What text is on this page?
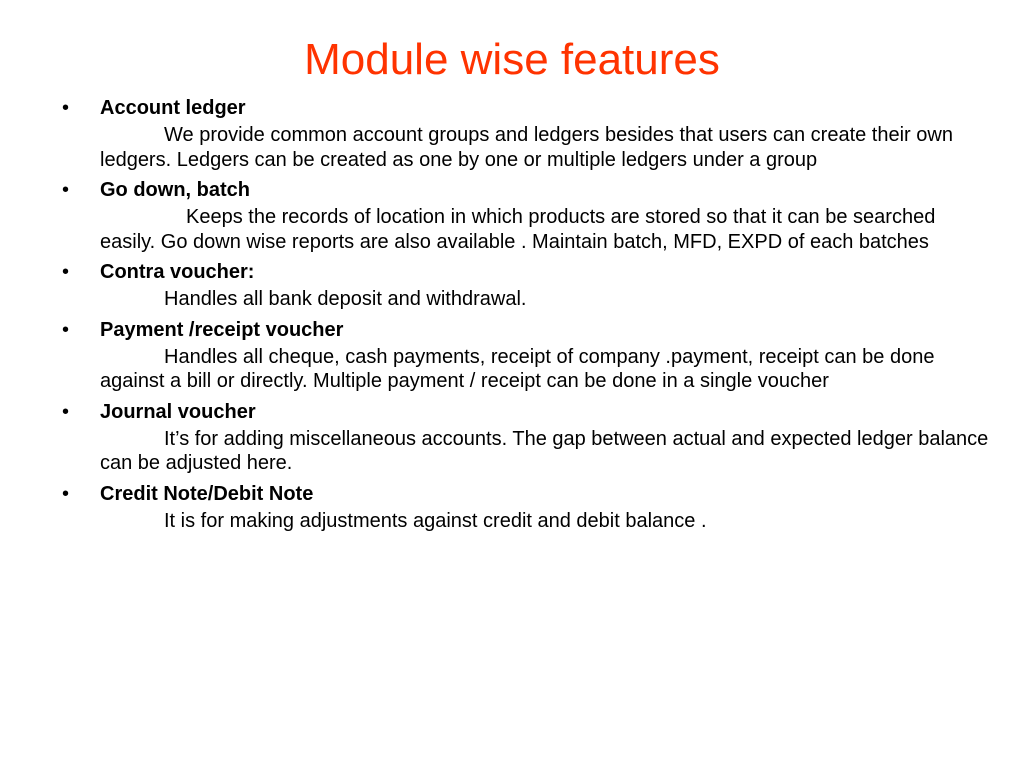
Module wise features
• Account ledger
We provide common account groups and ledgers besides that users can create their own ledgers. Ledgers can be created as one by one or multiple ledgers under a group
• Go down, batch
Keeps the records of location in which products are stored so that it can be searched easily. Go down wise reports are also available . Maintain batch, MFD, EXPD of each batches
• Contra voucher:
Handles all bank deposit and withdrawal.
• Payment /receipt voucher
Handles all cheque, cash payments, receipt of company .payment, receipt can be done against a bill or directly. Multiple payment / receipt can be done in a single voucher
• Journal voucher
It’s for adding miscellaneous accounts. The gap between actual and expected ledger balance can be adjusted here.
• Credit Note/Debit Note
It is for making adjustments against credit and debit balance .
